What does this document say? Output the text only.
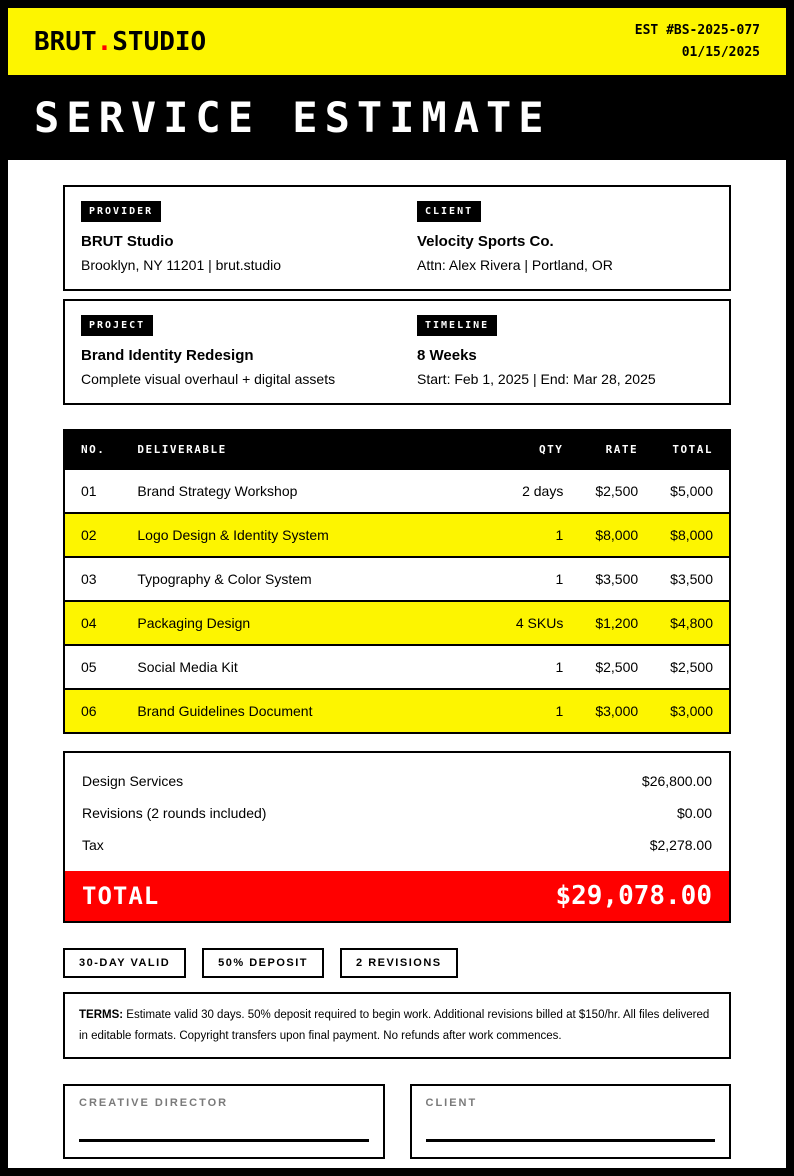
BRUT.STUDIO	EST #BS-2025-077
01/15/2025
SERVICE ESTIMATE
PROVIDER
BRUT Studio
Brooklyn, NY 11201 | brut.studio
CLIENT
Velocity Sports Co.
Attn: Alex Rivera | Portland, OR
PROJECT
Brand Identity Redesign
Complete visual overhaul + digital assets
TIMELINE
8 Weeks
Start: Feb 1, 2025 | End: Mar 28, 2025
NO.	DELIVERABLE	QTY	RATE	TOTAL
01	Brand Strategy Workshop	2 days	$2,500	$5,000
02	Logo Design & Identity System	1	$8,000	$8,000
03	Typography & Color System	1	$3,500	$3,500
04	Packaging Design	4 SKUs	$1,200	$4,800
05	Social Media Kit	1	$2,500	$2,500
06	Brand Guidelines Document	1	$3,000	$3,000
Design Services	$26,800.00
Revisions (2 rounds included)	$0.00
Tax	$2,278.00
TOTAL	$29,078.00
30-DAY VALID	50% DEPOSIT	2 REVISIONS
TERMS: Estimate valid 30 days. 50% deposit required to begin work. Additional revisions billed at $150/hr. All files delivered in editable formats. Copyright transfers upon final payment. No refunds after work commences.
CREATIVE DIRECTOR	CLIENT
